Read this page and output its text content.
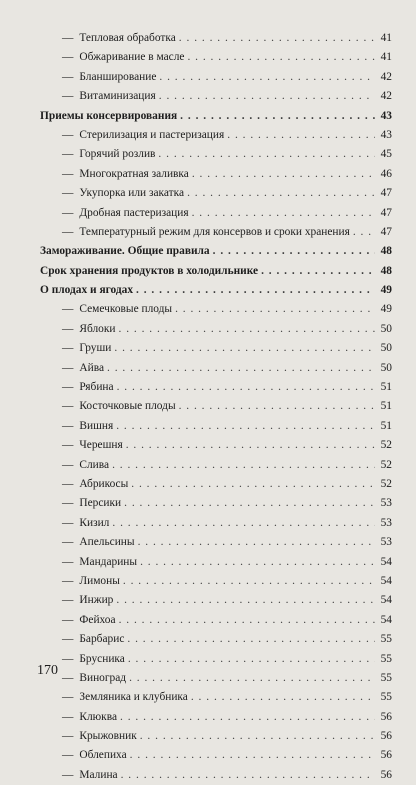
— Тепловая обработка . . .	41
— Обжаривание в масле . . .	41
— Бланширование . . .	42
— Витаминизация . . .	42
Приемы консервирования . . .	43
— Стерилизация и пастеризация . . .	43
— Горячий розлив . . .	45
— Многократная заливка . . .	46
— Укупорка или закатка . . .	47
— Дробная пастеризация . . .	47
— Температурный режим для консервов и сроки хранения . . .	47
Замораживание. Общие правила . . .	48
Срок хранения продуктов в холодильнике . . .	48
О плодах и ягодах . . .	49
— Семечковые плоды . . .	49
— Яблоки . . .	50
— Груши . . .	50
— Айва . . .	50
— Рябина . . .	51
— Косточковые плоды . . .	51
— Вишня . . .	51
— Черешня . . .	52
— Слива . . .	52
— Абрикосы . . .	52
— Персики . . .	53
— Кизил . . .	53
— Апельсины . . .	53
— Мандарины . . .	54
— Лимоны . . .	54
— Инжир . . .	54
— Фейхоа . . .	54
— Барбарис . . .	55
— Брусника . . .	55
— Виноград . . .	55
— Земляника и клубника . . .	55
— Клюква . . .	56
— Крыжовник . . .	56
— Облепиха . . .	56
— Малина . . .	56
170
